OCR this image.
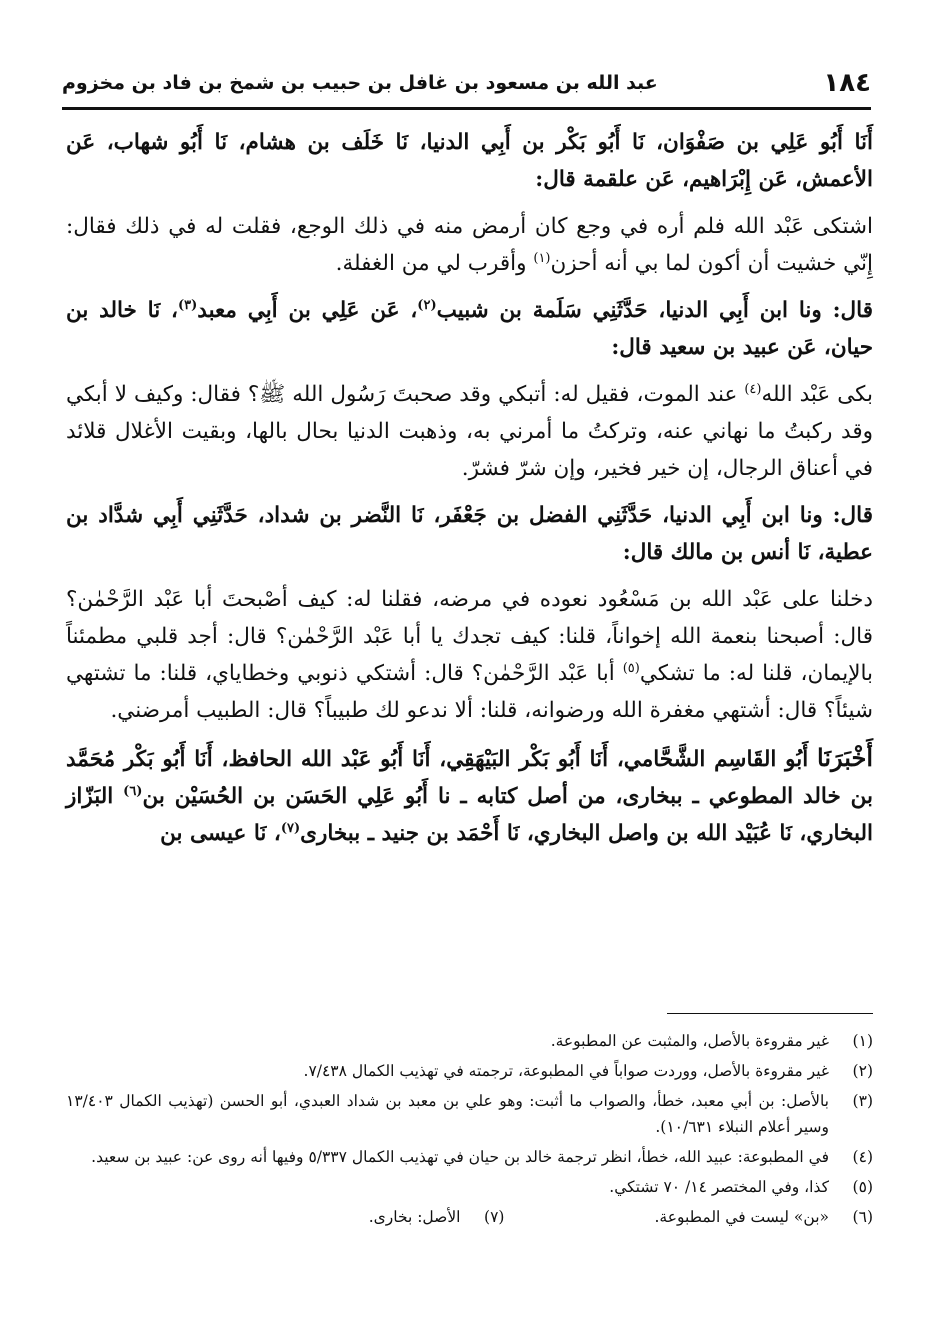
١٨٤
عبد الله بن مسعود بن غافل بن حبيب بن شمخ بن فاد بن مخزوم

أَنَا أَبُو عَلِي بن صَفْوَان، نَا أَبُو بَكْر بن أَبِي الدنيا، نَا خَلَف بن هشام، نَا أَبُو شهاب، عَن الأعمش، عَن إِبْرَاهيم، عَن علقمة قال:

اشتكى عَبْد الله فلم أره في وجع كان أرمض منه في ذلك الوجع، فقلت له في ذلك فقال: إِنّي خشيت أن أكون لما بي أنه أحزن$^{(١)}$ وأقرب لي من الغفلة.

قال: ونا ابن أَبِي الدنيا، حَدَّثَنِي سَلَمة بن شبيب$^{(٢)}$، عَن عَلِي بن أَبِي معبد$^{(٣)}$، نَا خالد بن حيان، عَن عبيد بن سعيد قال:

بكى عَبْد الله$^{(٤)}$ عند الموت، فقيل له: أتبكي وقد صحبتَ رَسُول الله ﷺ؟ فقال: وكيف لا أبكي وقد ركبتُ ما نهاني عنه، وتركتُ ما أمرني به، وذهبت الدنيا بحال بالها، وبقيت الأغلال قلائد في أعناق الرجال، إن خير فخير، وإن شرّ فشرّ.

قال: ونا ابن أَبِي الدنيا، حَدَّثَنِي الفضل بن جَعْفَر، نَا النَّضر بن شداد، حَدَّثَنِي أَبِي شدَّاد بن عطية، نَا أنس بن مالك قال:

دخلنا على عَبْد الله بن مَسْعُود نعوده في مرضه، فقلنا له: كيف أصْبحتَ أبا عَبْد الرَّحْمٰن؟ قال: أصبحنا بنعمة الله إخواناً، قلنا: كيف تجدك يا أبا عَبْد الرَّحْمٰن؟ قال: أجد قلبي مطمئناً بالإيمان، قلنا له: ما تشكي$^{(٥)}$ أبا عَبْد الرَّحْمٰن؟ قال: أشتكي ذنوبي وخطاياي، قلنا: ما تشتهي شيئاً؟ قال: أشتهي مغفرة الله ورضوانه، قلنا: ألا ندعو لك طبيباً؟ قال: الطبيب أمرضني.

أَخْبَرَنَا أَبُو القَاسِم الشَّحَّامي، أَنَا أَبُو بَكْر البَيْهَقِي، أَنَا أَبُو عَبْد الله الحافظ، أَنَا أَبُو بَكْر مُحَمَّد بن خالد المطوعي ـ ببخارى، من أصل كتابه ـ نا أَبُو عَلِي الحَسَن بن الحُسَيْن بن$^{(٦)}$ البَزّاز البخاري، نَا عُبَيْد الله بن واصل البخاري، نَا أَحْمَد بن جنيد ـ ببخارى$^{(٧)}$، نَا عيسى بن

(١)
غير مقروءة بالأصل، والمثبت عن المطبوعة.
(٢)
غير مقروءة بالأصل، ووردت صواباً في المطبوعة، ترجمته في تهذيب الكمال ٧/٤٣٨.
(٣)
بالأصل: بن أبي معبد، خطأ، والصواب ما أثبت: وهو علي بن معبد بن شداد العبدي، أبو الحسن (تهذيب الكمال ١٣/٤٠٣ وسير أعلام النبلاء ١٠/٦٣١).
(٤)
في المطبوعة: عبيد الله، خطأ، انظر ترجمة خالد بن حيان في تهذيب الكمال ٥/٣٣٧ وفيها أنه روى عن: عبيد بن سعيد.
(٥)
كذا، وفي المختصر ١٤/ ٧٠ تشتكي.
(٦)
«بن» ليست في المطبوعة.
(٧)
الأصل: بخارى.
